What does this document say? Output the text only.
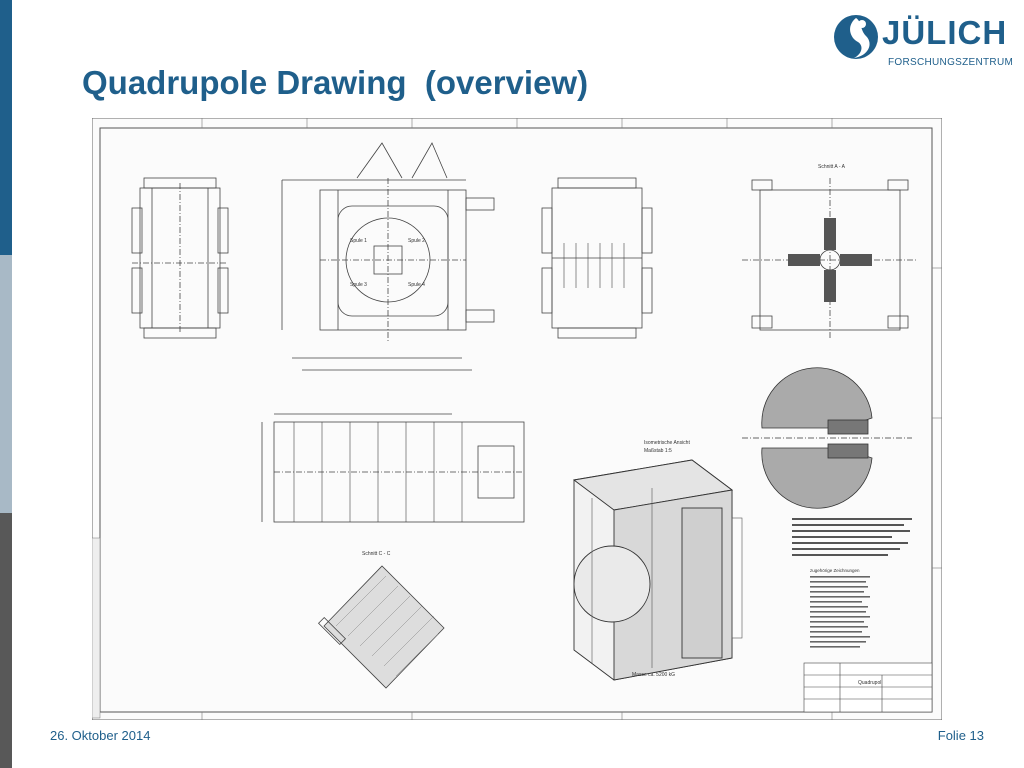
Quadrupole Drawing  (overview)
JÜLICH
FORSCHUNGSZENTRUM
Spule 1	Spule 2
Spule 3	Spule 4
Schnitt A - A
Schnitt C - C
Isometrische Ansicht
Maßstab 1:5
Masse ca. 5200 kG
zugehörige Zeichnungen
Quadrupol
26. Oktober 2014	Folie 13
